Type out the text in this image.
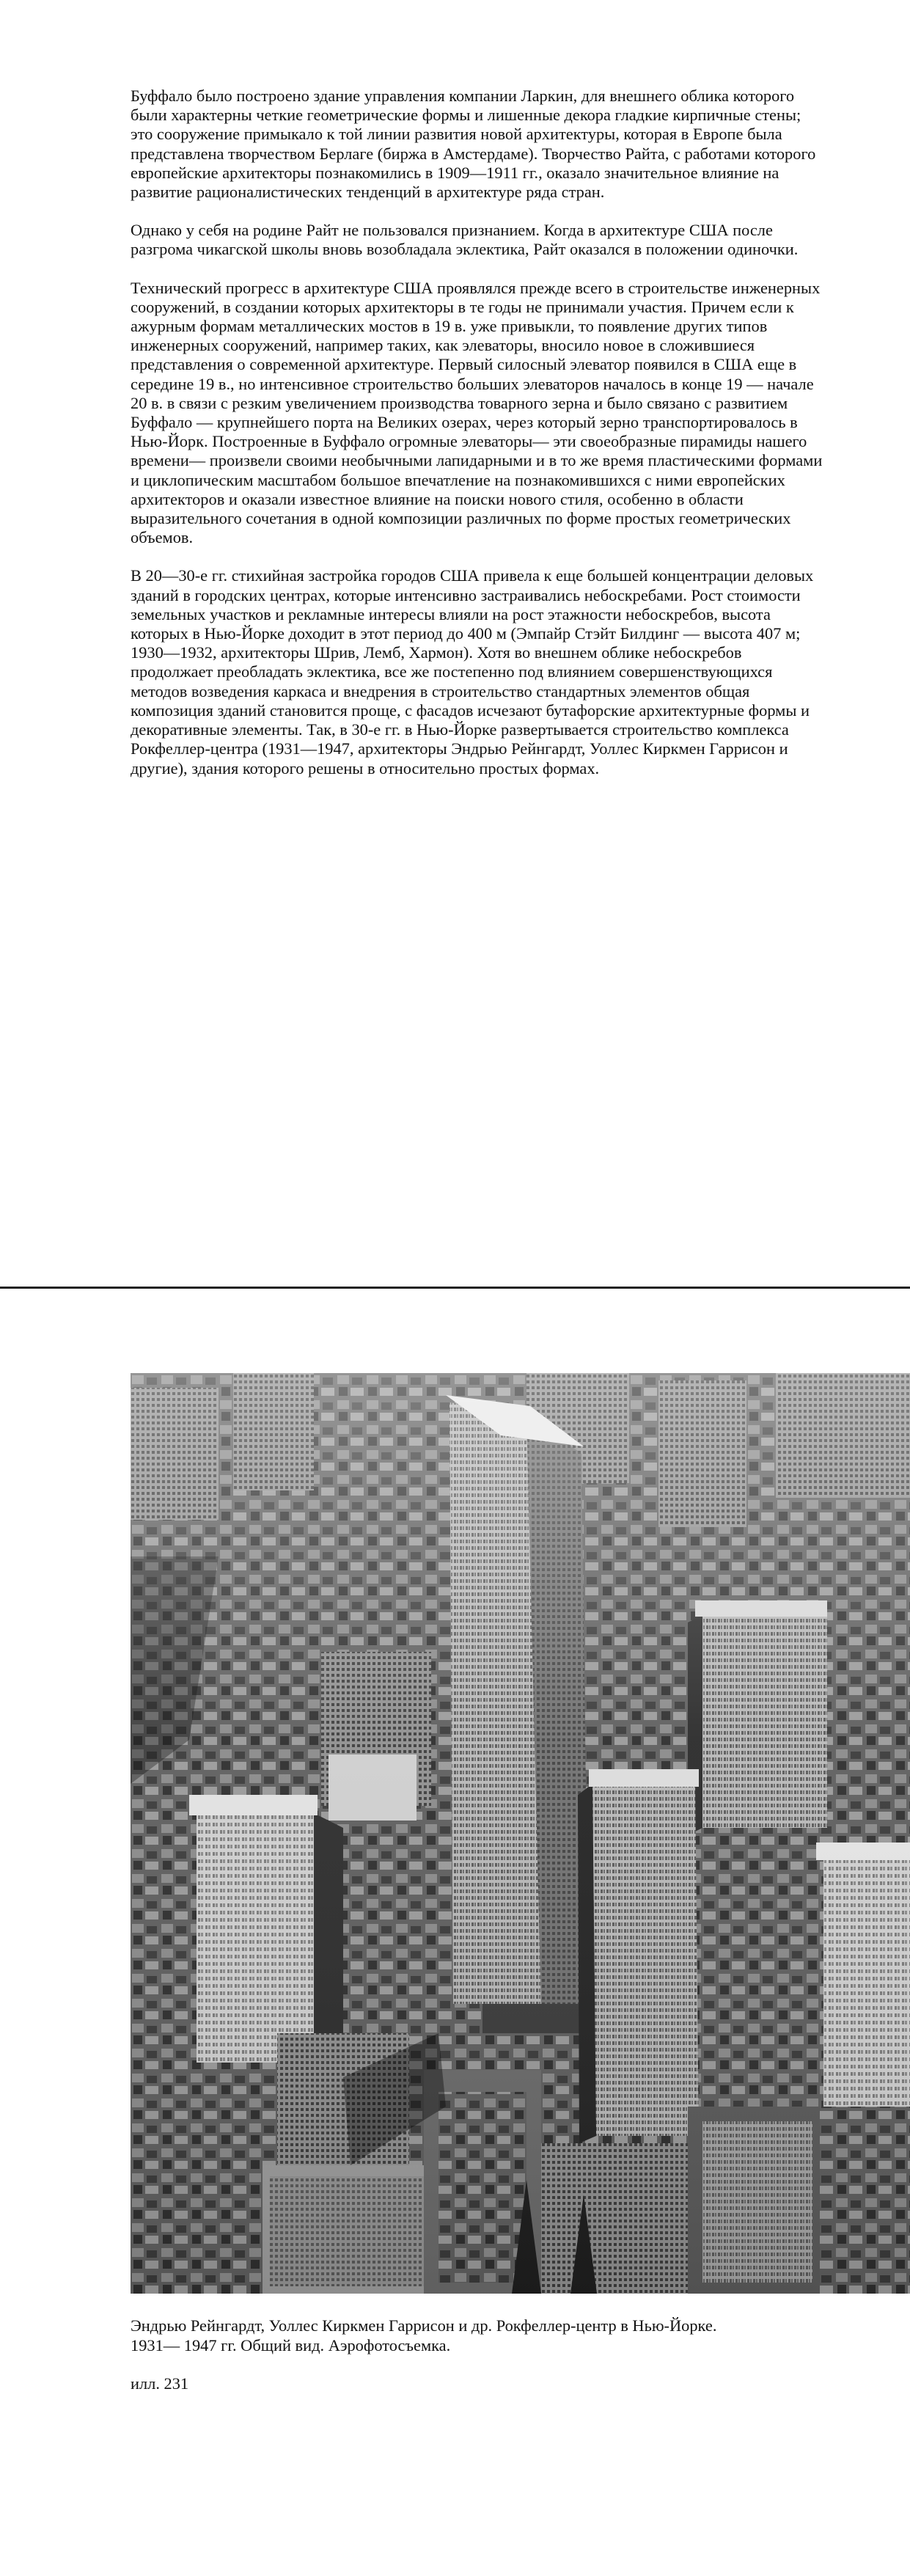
Буффало было построено здание управления компании Ларкин, для внешнего облика которого были характерны четкие геометрические формы и лишенные декора гладкие кирпичные стены; это сооружение примыкало к той линии развития новой архитектуры, которая в Европе была представлена творчеством Берлаге (биржа в Амстердаме). Творчество Райта, с работами которого европейские архитекторы познакомились в 1909—1911 гг., оказало значительное влияние на развитие рационалистических тенденций в архитектуре ряда стран.

Однако у себя на родине Райт не пользовался признанием. Когда в архитектуре США после разгрома чикагской школы вновь возобладала эклектика, Райт оказался в положении одиночки.

Технический прогресс в архитектуре США проявлялся прежде всего в строительстве инженерных сооружений, в создании которых архитекторы в те годы не принимали участия. Причем если к ажурным формам металлических мостов в 19 в. уже привыкли, то появление других типов инженерных сооружений, например таких, как элеваторы, вносило новое в сложившиеся представления о современной архитектуре. Первый силосный элеватор появился в США еще в середине 19 в., но интенсивное строительство больших элеваторов началось в конце 19 — начале 20 в. в связи с резким увеличением производства товарного зерна и было связано с развитием Буффало — крупнейшего порта на Великих озерах, через который зерно транспортировалось в Нью-Йорк. Построенные в Буффало огромные элеваторы— эти своеобразные пирамиды нашего времени— произвели своими необычными лапидарными и в то же время пластическими формами и циклопическим масштабом большое впечатление на познакомившихся с ними европейских архитекторов и оказали известное влияние на поиски нового стиля, особенно в области выразительного сочетания в одной композиции различных по форме простых геометрических объемов.

В 20—30-е гг. стихийная застройка городов США привела к еще большей концентрации деловых зданий в городских центрах, которые интенсивно застраивались небоскребами. Рост стоимости земельных участков и рекламные интересы влияли на рост этажности небоскребов, высота которых в Нью-Йорке доходит в этот период до 400 м (Эмпайр Стэйт Билдинг — высота 407 м; 1930—1932, архитекторы Шрив, Лемб, Хармон). Хотя во внешнем облике небоскребов продолжает преобладать эклектика, все же постепенно под влиянием совершенствующихся методов возведения каркаса и внедрения в строительство стандартных элементов общая композиция зданий становится проще, с фасадов исчезают бутафорские архитектурные формы и декоративные элементы. Так, в 30-е гг. в Нью-Йорке развертывается строительство комплекса Рокфеллер-центра (1931—1947, архитекторы Эндрью Рейнгардт, Уоллес Киркмен Гаррисон и другие), здания которого решены в относительно простых формах.

Эндрью Рейнгардт, Уоллес Киркмен Гаррисон и др. Рокфеллер-центр в Нью-Йорке.

1931— 1947 гг. Общий вид. Аэрофотосъемка.

илл. 231
